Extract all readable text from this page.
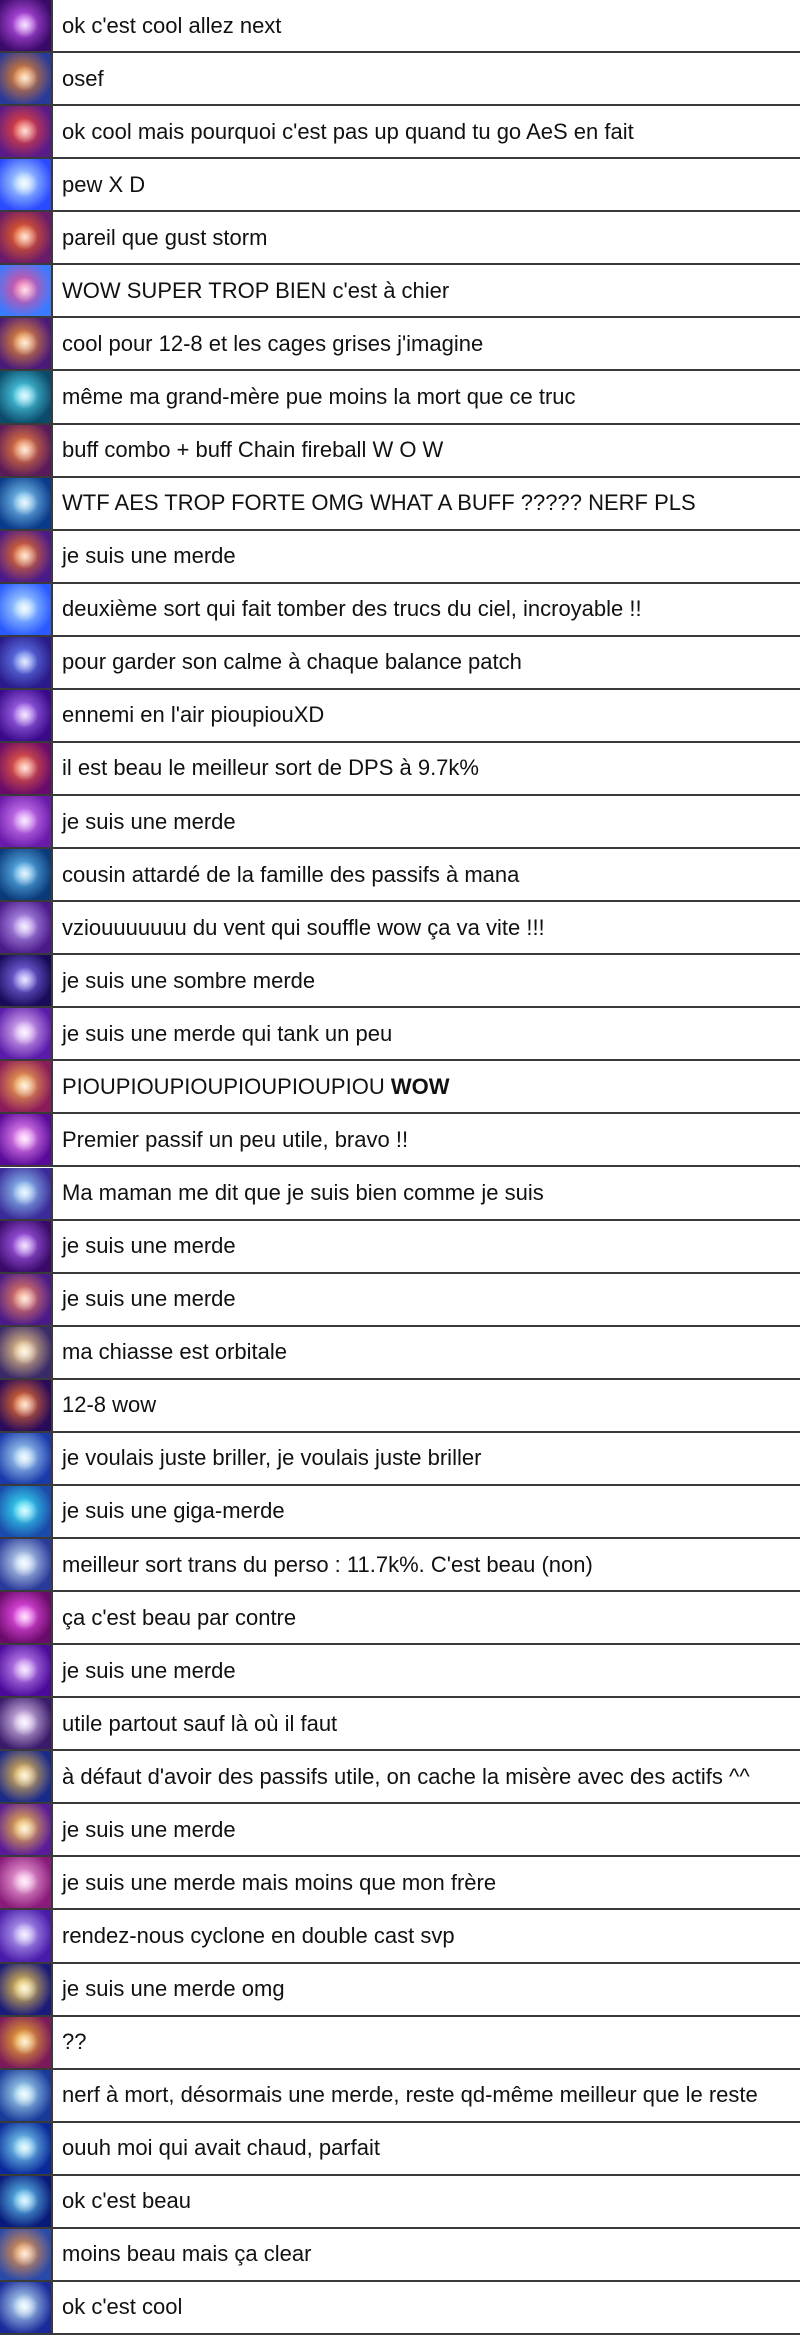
ok c'est cool allez next
osef
ok cool mais pourquoi c'est pas up quand tu go AeS en fait
pew X D
pareil que gust storm
WOW SUPER TROP BIEN c'est à chier
cool pour 12-8 et les cages grises j'imagine
même ma grand-mère pue moins la mort que ce truc
buff combo + buff Chain fireball W O W
WTF AES TROP FORTE OMG WHAT A BUFF ????? NERF PLS
je suis une merde
deuxième sort qui fait tomber des trucs du ciel, incroyable !!
pour garder son calme à chaque balance patch
ennemi en l'air pioupiouXD
il est beau le meilleur sort de DPS à 9.7k%
je suis une merde
cousin attardé de la famille des passifs à mana
vziouuuuuuu du vent qui souffle wow ça va vite !!!
je suis une sombre merde
je suis une merde qui tank un peu
PIOUPIOUPIOUPIOUPIOUPIOU WOW
Premier passif un peu utile, bravo !!
Ma maman me dit que je suis bien comme je suis
je suis une merde
je suis une merde
ma chiasse est orbitale
12-8 wow
je voulais juste briller, je voulais juste briller
je suis une giga-merde
meilleur sort trans du perso : 11.7k%. C'est beau (non)
ça c'est beau par contre
je suis une merde
utile partout sauf là où il faut
à défaut d'avoir des passifs utile, on cache la misère avec des actifs ^^
je suis une merde
je suis une merde mais moins que mon frère
rendez-nous cyclone en double cast svp
je suis une merde omg
??
nerf à mort, désormais une merde, reste qd-même meilleur que le reste
ouuh moi qui avait chaud, parfait
ok c'est beau
moins beau mais ça clear
ok c'est cool
